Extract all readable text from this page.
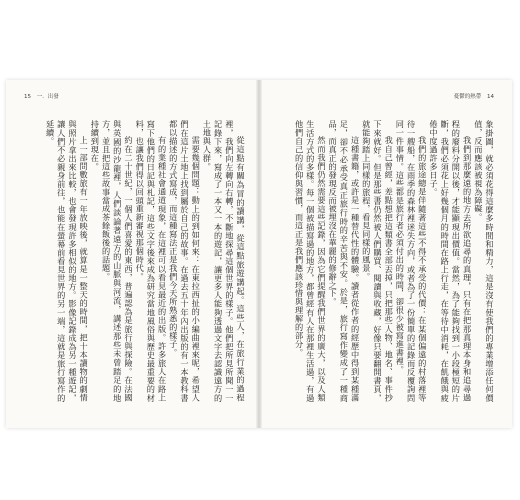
15 一．出發

從這點有關為冒的讀講，從這點旅遊講起。這些人，在旅行業的過程裡，我們向左轉向右轉，不斷地探尋這個世界的樣子。他們把所見所聞一一記錄下來，寫成了一本又一本的遊記，讓更多人能夠透過文字去認識遠方的土地與人群。

需要幾個問題：動上的到如何來：在東拉西扯的小編曲裡來呢，希望人們在這片土地上找到屬於自己的故事。在過去五十年內出版的有一本教科書都以描述的方式寫成，而這種寫法正是我們今天所熟悉的樣子。

有的業種社會通道現象，在這裡可以看見最近的出版。許多旅人在路上寫下他們的日記與札記，這些文字後來成為研究當地風俗與歷史最重要的材料，也讓我們得以回頭重新審視那個時代。

約在二十世紀，一個人們喜愛的東西，普遍認為是旅行與探險。在法國與英國的沙龍裡，人們談論著遠方的山脈與河流，講述那些未曾踏足的地方，並且把這些故事當成茶餘飯後的話題。

持續到現在。

上一部問數旅有一年放映後，就算是一整天的時間，把十本讀物的劇情與照片拿出來比較，也會發現許多相似的地方。影像記錄成為另一種遊記，讓人們不必親身前往，也能在螢幕前看見世界的另一端，這就是旅行寫作的延續。

憂鬱的熱帶 14

象掛圖，就必須花得這麼多時間和精力，這是沒有使我們的專業增添任何價值，反而應該被視為障礙。

我們到那麼遠的地方去所欲追尋的真理，只有在把那真理本身和追尋過程的廢料分開以後，才能顯現出價值。當然，為了能夠找到一小段極短的片斷，我們必須花上好幾個月的時間在路上行走，在等待中消耗，在飢餓與疲倦中度過許多日子。

我們的旅途總是伴隨著這些不得不承受的代價：在某個偏遠的村落裡等待一艘船，在雨季的森林裡迷失方向，或者為了一份簡單的記錄而反覆詢問同一件事情。這些都是旅行者必須付出的時間，卻很少被寫進書裡。

我自己曾經，差點想把這類書全部丟掉，只把那些人物、地名、事件抄下來就好。但是那些書仍然被人們購買、閱讀與收藏，好像只要翻開書頁，就能夠踏上同樣的旅程，看見同樣的風景。

這種書籍，或許是一種替代性的體驗。讀者從作者的經歷中得到某種滿足，卻不必承受真正旅行時的辛苦與不安。於是，旅行寫作變成了一種商品，而真正的發現反而被埋沒在華麗的修辭之下。

然而我們仍然需要這些記錄，因為它們提醒我們世界的廣大，以及人類生活方式的多樣。每一個被描寫過的地方，都曾經有人在那裡生活過，有過他們自己的信仰與習慣，而這正是我們應該珍惜與理解的部分。
